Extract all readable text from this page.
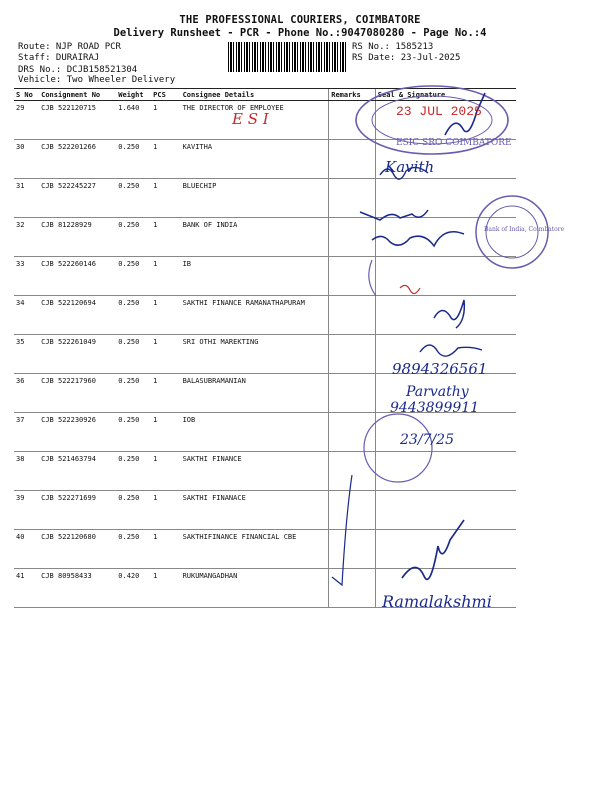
THE PROFESSIONAL COURIERS, COIMBATORE
Delivery Runsheet - PCR - Phone No.:9047080280 - Page No.:4
Route: NJP ROAD PCR
Staff: DURAIRAJ
DRS No.: DCJB158521304
Vehicle: Two Wheeler Delivery
RS No.: 1585213
RS Date: 23-Jul-2025
S No	Consignment No	Weight	PCS	Consignee Details	Remarks	Seal & Signature
29	CJB 522120715	1.640	1	THE DIRECTOR OF EMPLOYEE		
30	CJB 522201266	0.250	1	KAVITHA		
31	CJB 522245227	0.250	1	BLUECHIP		
32	CJB 81228929	0.250	1	BANK OF INDIA		
33	CJB 522260146	0.250	1	IB		
34	CJB 522120694	0.250	1	SAKTHI FINANCE RAMANATHAPURAM		
35	CJB 522261049	0.250	1	SRI OTHI MAREKTING		
36	CJB 522217960	0.250	1	BALASUBRAMANIAN		
37	CJB 522230926	0.250	1	IOB		
38	CJB 521463794	0.250	1	SAKTHI FINANCE		
39	CJB 522271699	0.250	1	SAKTHI FINANACE		
40	CJB 522120680	0.250	1	SAKTHIFINANCE FINANCIAL CBE		
41	CJB 80958433	0.420	1	RUKUMANGADHAN		
E S I	23 JUL 2025
ESIC SRO COIMBATORE
Kavith
Bank of India, Coimbatore
9894326561
Parvathy
9443899911
23/7/25
Ramalakshmi
